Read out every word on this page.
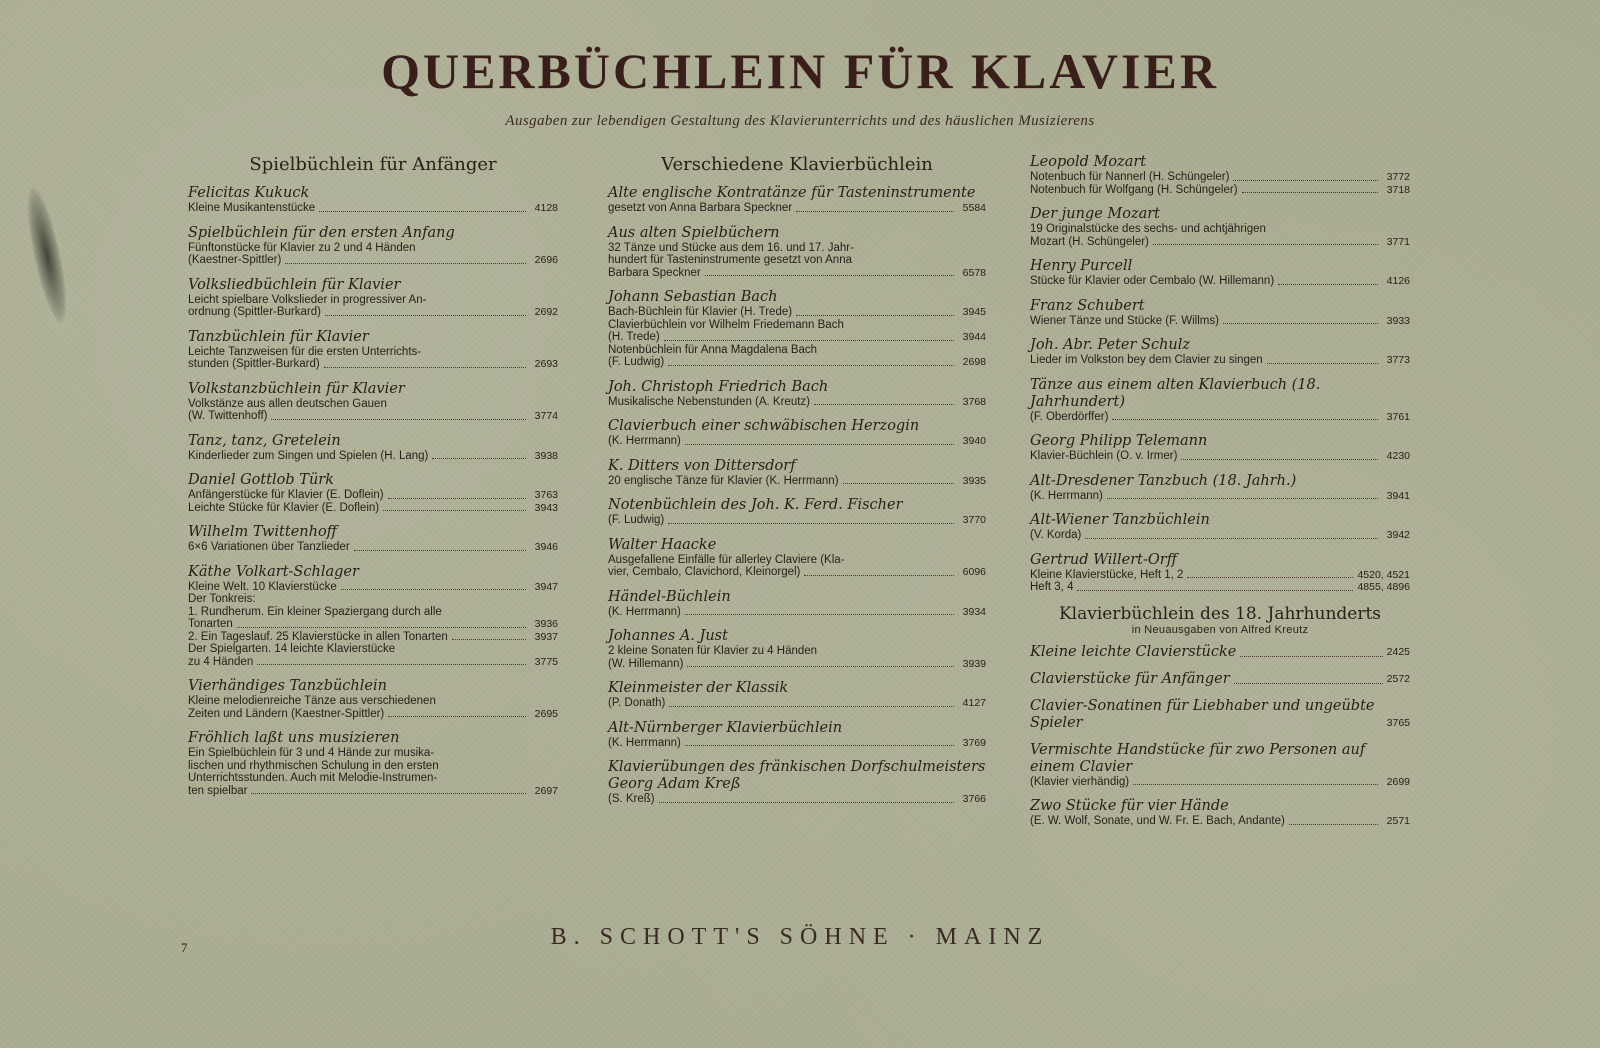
QUERBÜCHLEIN FÜR KLAVIER
Ausgaben zur lebendigen Gestaltung des Klavierunterrichts und des häuslichen Musizierens
Spielbüchlein für Anfänger
Felicitas Kukuck
Kleine Musikantenstücke	4128
Spielbüchlein für den ersten Anfang
Fünftonstücke für Klavier zu 2 und 4 Händen
(Kaestner-Spittler)	2696
Volksliedbüchlein für Klavier
Leicht spielbare Volkslieder in progressiver An-
ordnung (Spittler-Burkard)	2692
Tanzbüchlein für Klavier
Leichte Tanzweisen für die ersten Unterrichts-
stunden (Spittler-Burkard)	2693
Volkstanzbüchlein für Klavier
Volkstänze aus allen deutschen Gauen
(W. Twittenhoff)	3774
Tanz, tanz, Gretelein
Kinderlieder zum Singen und Spielen (H. Lang)	3938
Daniel Gottlob Türk
Anfängerstücke für Klavier (E. Doflein)	3763
Leichte Stücke für Klavier (E. Doflein)	3943
Wilhelm Twittenhoff
6×6 Variationen über Tanzlieder	3946
Käthe Volkart-Schlager
Kleine Welt. 10 Klavierstücke	3947
Der Tonkreis:
1. Rundherum. Ein kleiner Spaziergang durch alle
Tonarten	3936
2. Ein Tageslauf. 25 Klavierstücke in allen Tonarten	3937
Der Spielgarten. 14 leichte Klavierstücke
zu 4 Händen	3775
Vierhändiges Tanzbüchlein
Kleine melodienreiche Tänze aus verschiedenen
Zeiten und Ländern (Kaestner-Spittler)	2695
Fröhlich laßt uns musizieren
Ein Spielbüchlein für 3 und 4 Hände zur musika-
lischen und rhythmischen Schulung in den ersten
Unterrichtsstunden. Auch mit Melodie-Instrumen-
ten spielbar	2697
Verschiedene Klavierbüchlein
Alte englische Kontratänze für Tasteninstrumente
gesetzt von Anna Barbara Speckner	5584
Aus alten Spielbüchern
32 Tänze und Stücke aus dem 16. und 17. Jahr-
hundert für Tasteninstrumente gesetzt von Anna
Barbara Speckner	6578
Johann Sebastian Bach
Bach-Büchlein für Klavier (H. Trede)	3945
Clavierbüchlein vor Wilhelm Friedemann Bach
(H. Trede)	3944
Notenbüchlein für Anna Magdalena Bach
(F. Ludwig)	2698
Joh. Christoph Friedrich Bach
Musikalische Nebenstunden (A. Kreutz)	3768
Clavierbuch einer schwäbischen Herzogin
(K. Herrmann)	3940
K. Ditters von Dittersdorf
20 englische Tänze für Klavier (K. Herrmann)	3935
Notenbüchlein des Joh. K. Ferd. Fischer
(F. Ludwig)	3770
Walter Haacke
Ausgefallene Einfälle für allerley Claviere (Kla-
vier, Cembalo, Clavichord, Kleinorgel)	6096
Händel-Büchlein
(K. Herrmann)	3934
Johannes A. Just
2 kleine Sonaten für Klavier zu 4 Händen
(W. Hillemann)	3939
Kleinmeister der Klassik
(P. Donath)	4127
Alt-Nürnberger Klavierbüchlein
(K. Herrmann)	3769
Klavierübungen des fränkischen Dorfschulmeisters Georg Adam Kreß
(S. Kreß)	3766
Leopold Mozart
Notenbuch für Nannerl (H. Schüngeler)	3772
Notenbuch für Wolfgang (H. Schüngeler)	3718
Der junge Mozart
19 Originalstücke des sechs- und achtjährigen
Mozart (H. Schüngeler)	3771
Henry Purcell
Stücke für Klavier oder Cembalo (W. Hillemann)	4126
Franz Schubert
Wiener Tänze und Stücke (F. Willms)	3933
Joh. Abr. Peter Schulz
Lieder im Volkston bey dem Clavier zu singen	3773
Tänze aus einem alten Klavierbuch (18. Jahrhundert)
(F. Oberdörffer)	3761
Georg Philipp Telemann
Klavier-Büchlein (O. v. Irmer)	4230
Alt-Dresdener Tanzbuch (18. Jahrh.)
(K. Herrmann)	3941
Alt-Wiener Tanzbüchlein
(V. Korda)	3942
Gertrud Willert-Orff
Kleine Klavierstücke, Heft 1, 2	4520, 4521
Heft 3, 4	4855, 4896
Klavierbüchlein des 18. Jahrhunderts
in Neuausgaben von Alfred Kreutz
Kleine leichte Clavierstücke	2425
Clavierstücke für Anfänger	2572
Clavier-Sonatinen für Liebhaber und ungeübte Spieler	3765
Vermischte Handstücke für zwo Personen auf einem Clavier
(Klavier vierhändig)	2699
Zwo Stücke für vier Hände
(E. W. Wolf, Sonate, und W. Fr. E. Bach, Andante)	2571
7	B. SCHOTT'S SÖHNE · MAINZ
